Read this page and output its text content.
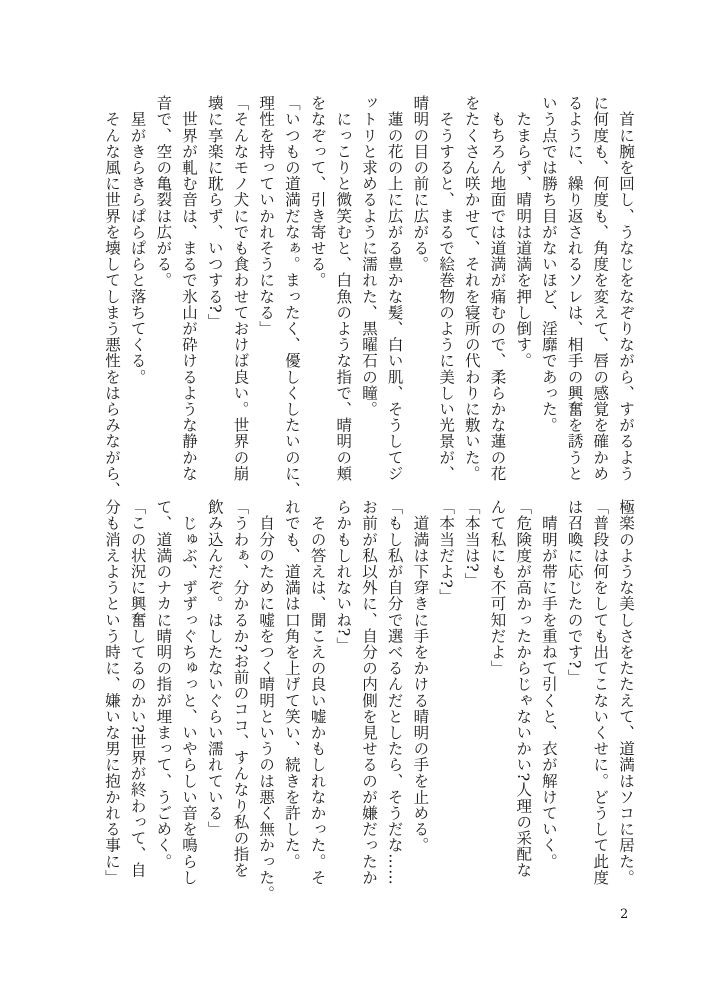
　首に腕を回し、うなじをなぞりながら、すがるよう
に何度も、何度も、角度を変えて、唇の感覚を確かめ
るように、繰り返されるソレは、相手の興奮を誘うと
いう点では勝ち目がないほど、淫靡であった。
　たまらず、晴明は道満を押し倒す。
　もちろん地面では道満が痛むので、柔らかな蓮の花
をたくさん咲かせて、それを寝所の代わりに敷いた。
　そうすると、まるで絵巻物のように美しい光景が、
晴明の目の前に広がる。
　蓮の花の上に広がる豊かな髪、白い肌、そうしてジ
ットリと求めるように濡れた、黒曜石の瞳。
　にっこりと微笑むと、白魚のような指で、晴明の頬
をなぞって、引き寄せる。
「いつもの道満だなぁ。まったく、優しくしたいのに、
理性を持っていかれそうになる」
「そんなモノ犬にでも食わせておけば良い。世界の崩
壊に享楽に耽らず、いつする?」
　世界が軋む音は、まるで氷山が砕けるような静かな
音で、空の亀裂は広がる。
　星がきらきらぱらぱらと落ちてくる。
　そんな風に世界を壊してしまう悪性をはらみながら、
極楽のような美しさをたたえて、道満はソコに居た。
「普段は何をしても出てこないくせに。どうして此度
は召喚に応じたのです?」
　晴明が帯に手を重ねて引くと、衣が解けていく。
「危険度が高かったからじゃないかい?人理の采配な
んて私にも不可知だよ」
「本当は?」
「本当だよ?」
　道満は下穿きに手をかける晴明の手を止める。
「もし私が自分で選べるんだとしたら、そうだな……
お前が私以外に、自分の内側を見せるのが嫌だったか
らかもしれないね?」
　その答えは、聞こえの良い嘘かもしれなかった。そ
れでも、道満は口角を上げて笑い、続きを許した。
　自分のために嘘をつく晴明というのは悪く無かった。
「うわぁ、分かるか?お前のココ、すんなり私の指を
飲み込んだぞ。はしたないぐらい濡れている」
　じゅぶ、ずずっぐちゅっと、いやらしい音を鳴らし
て、道満のナカに晴明の指が埋まって、うごめく。
「この状況に興奮してるのかい?世界が終わって、自
分も消えようという時に、嫌いな男に抱かれる事に」
2
